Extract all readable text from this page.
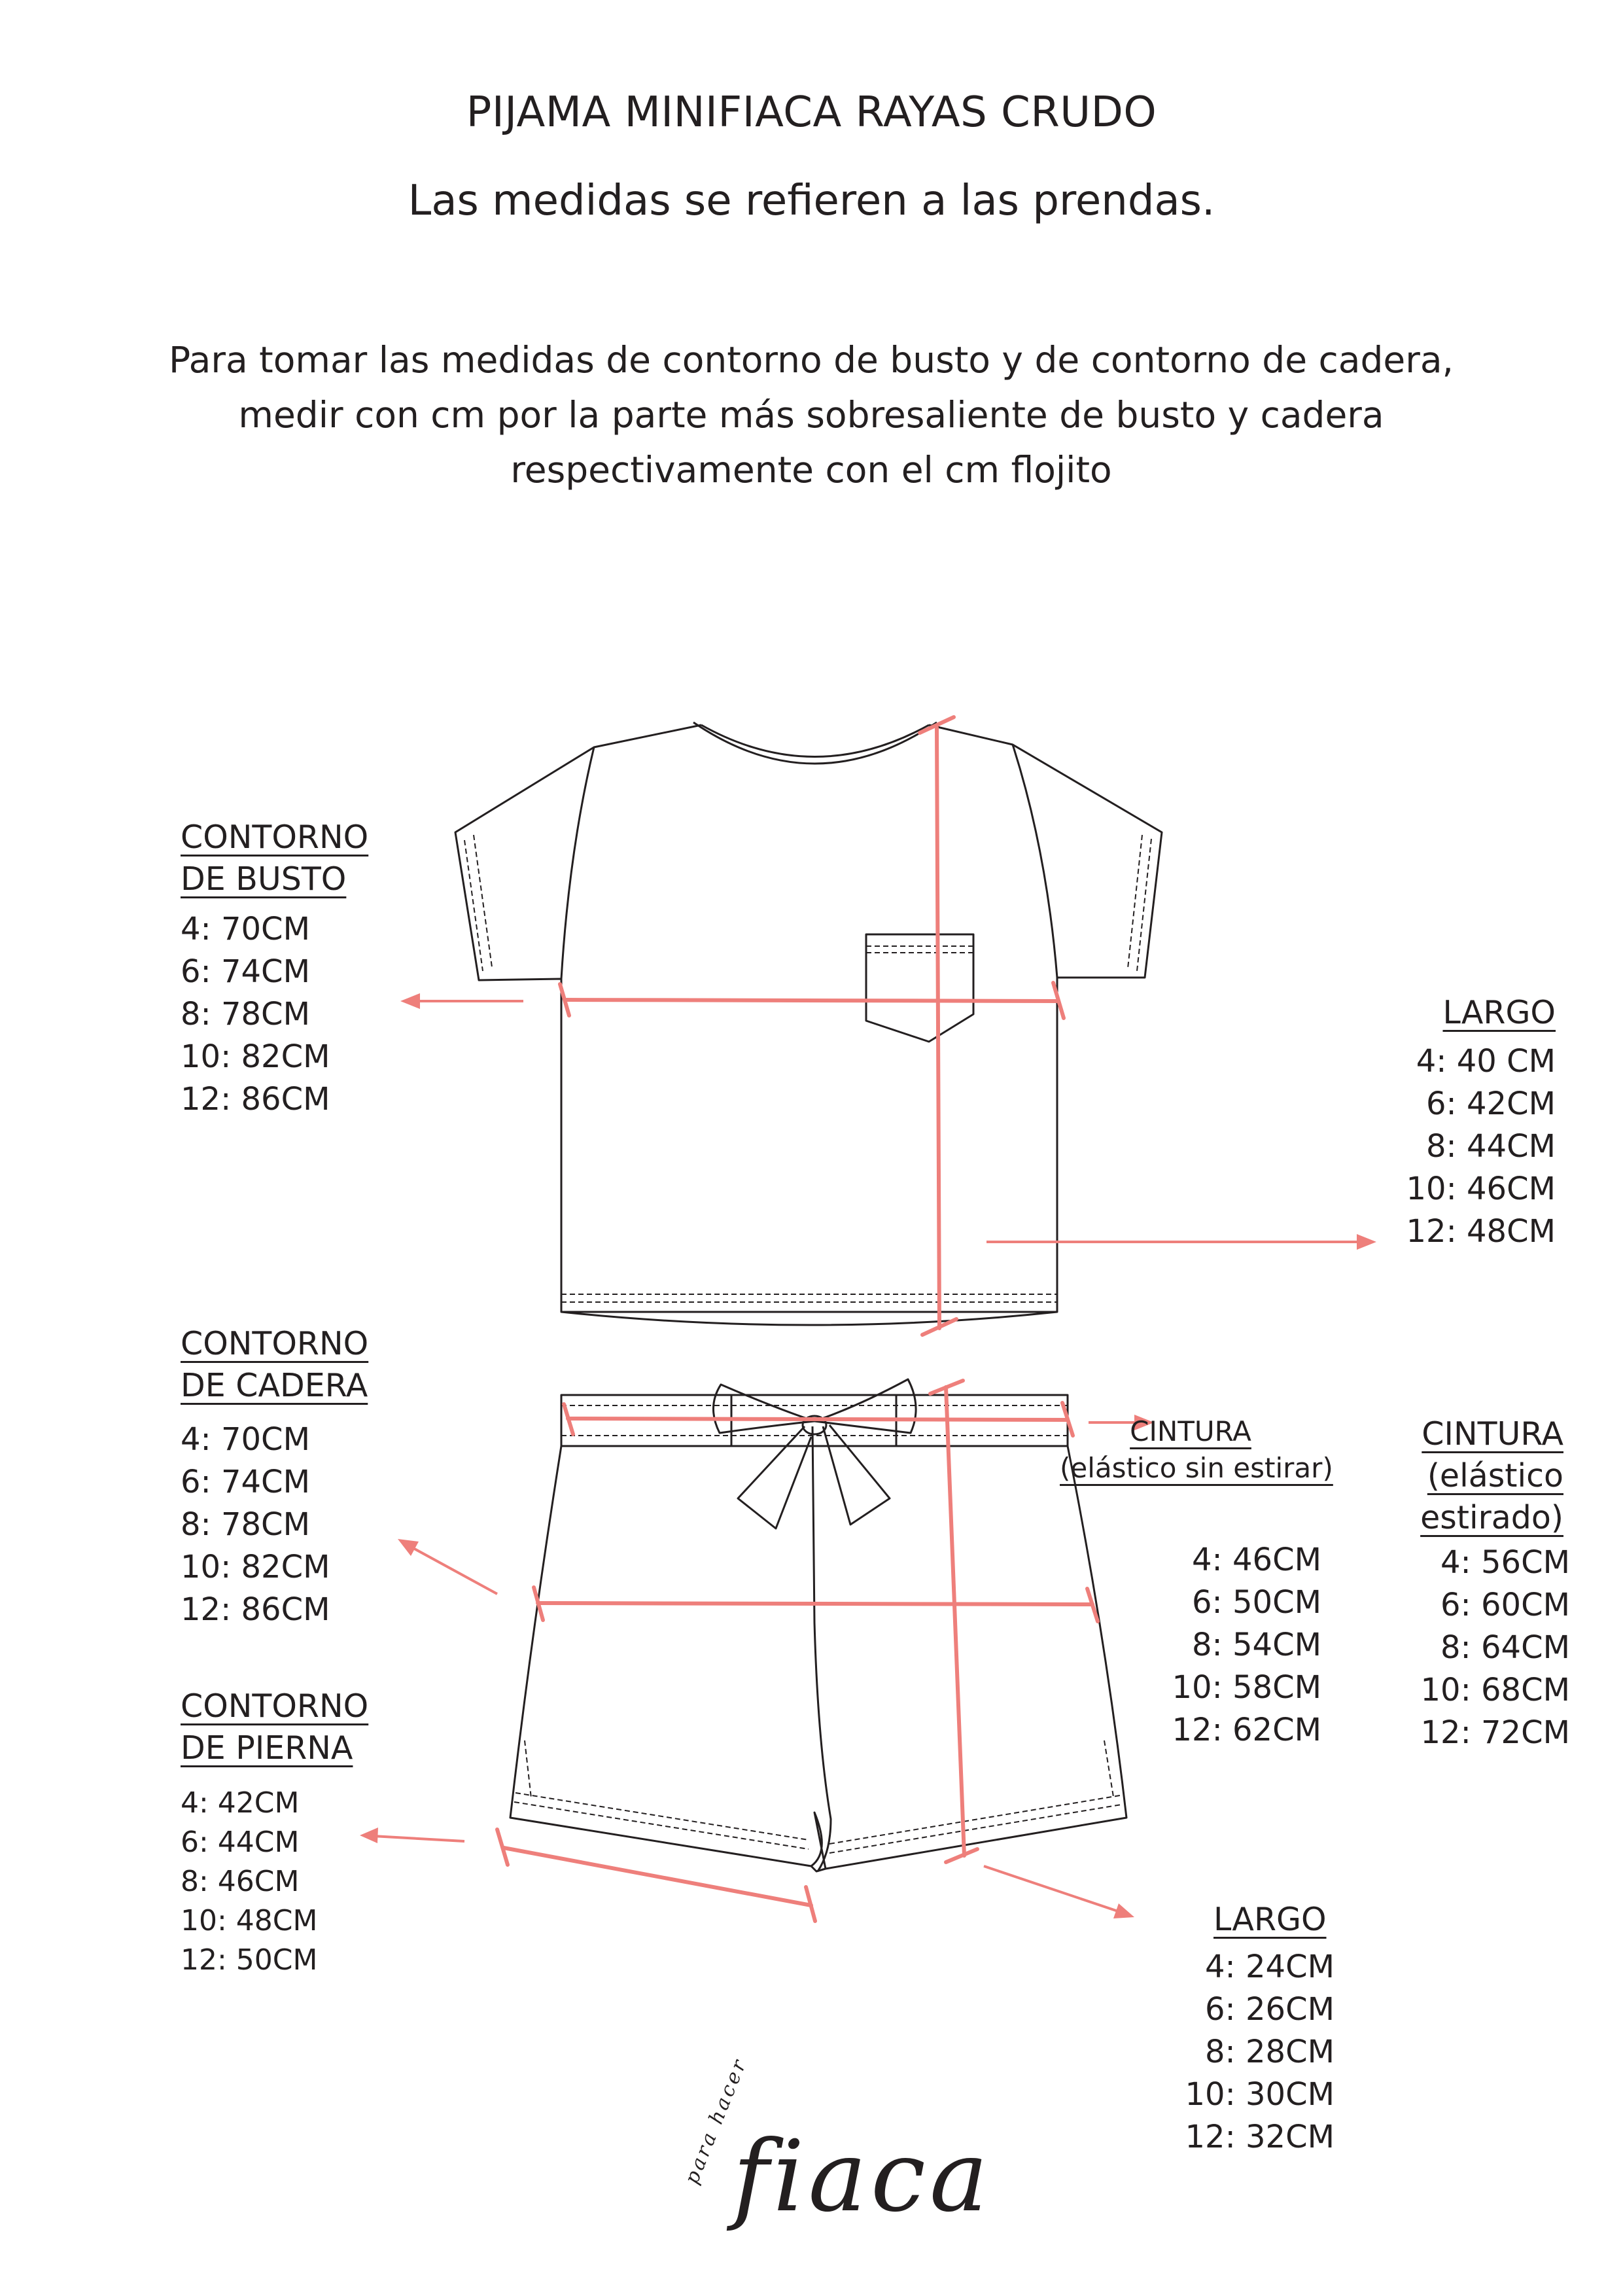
PIJAMA MINIFIACA RAYAS CRUDO
Las medidas se refieren a las prendas.
Para tomar las medidas de contorno de busto y de contorno de cadera, medir con cm por la parte más sobresaliente de busto y cadera respectivamente con el cm flojito
CONTORNO
DE BUSTO
4: 70CM
6: 74CM
8: 78CM
10: 82CM
12: 86CM
LARGO
4: 40 CM
6: 42CM
8: 44CM
10: 46CM
12: 48CM
CONTORNO
DE CADERA
4: 70CM
6: 74CM
8: 78CM
10: 82CM
12: 86CM
CINTURA
(elástico sin estirar)
4: 46CM
6: 50CM
8: 54CM
10: 58CM
12: 62CM
CINTURA
(elástico
estirado)
4: 56CM
6: 60CM
8: 64CM
10: 68CM
12: 72CM
CONTORNO
DE PIERNA
4: 42CM
6: 44CM
8: 46CM
10: 48CM
12: 50CM
LARGO
4: 24CM
6: 26CM
8: 28CM
10: 30CM
12: 32CM
para hacer
fiaca
